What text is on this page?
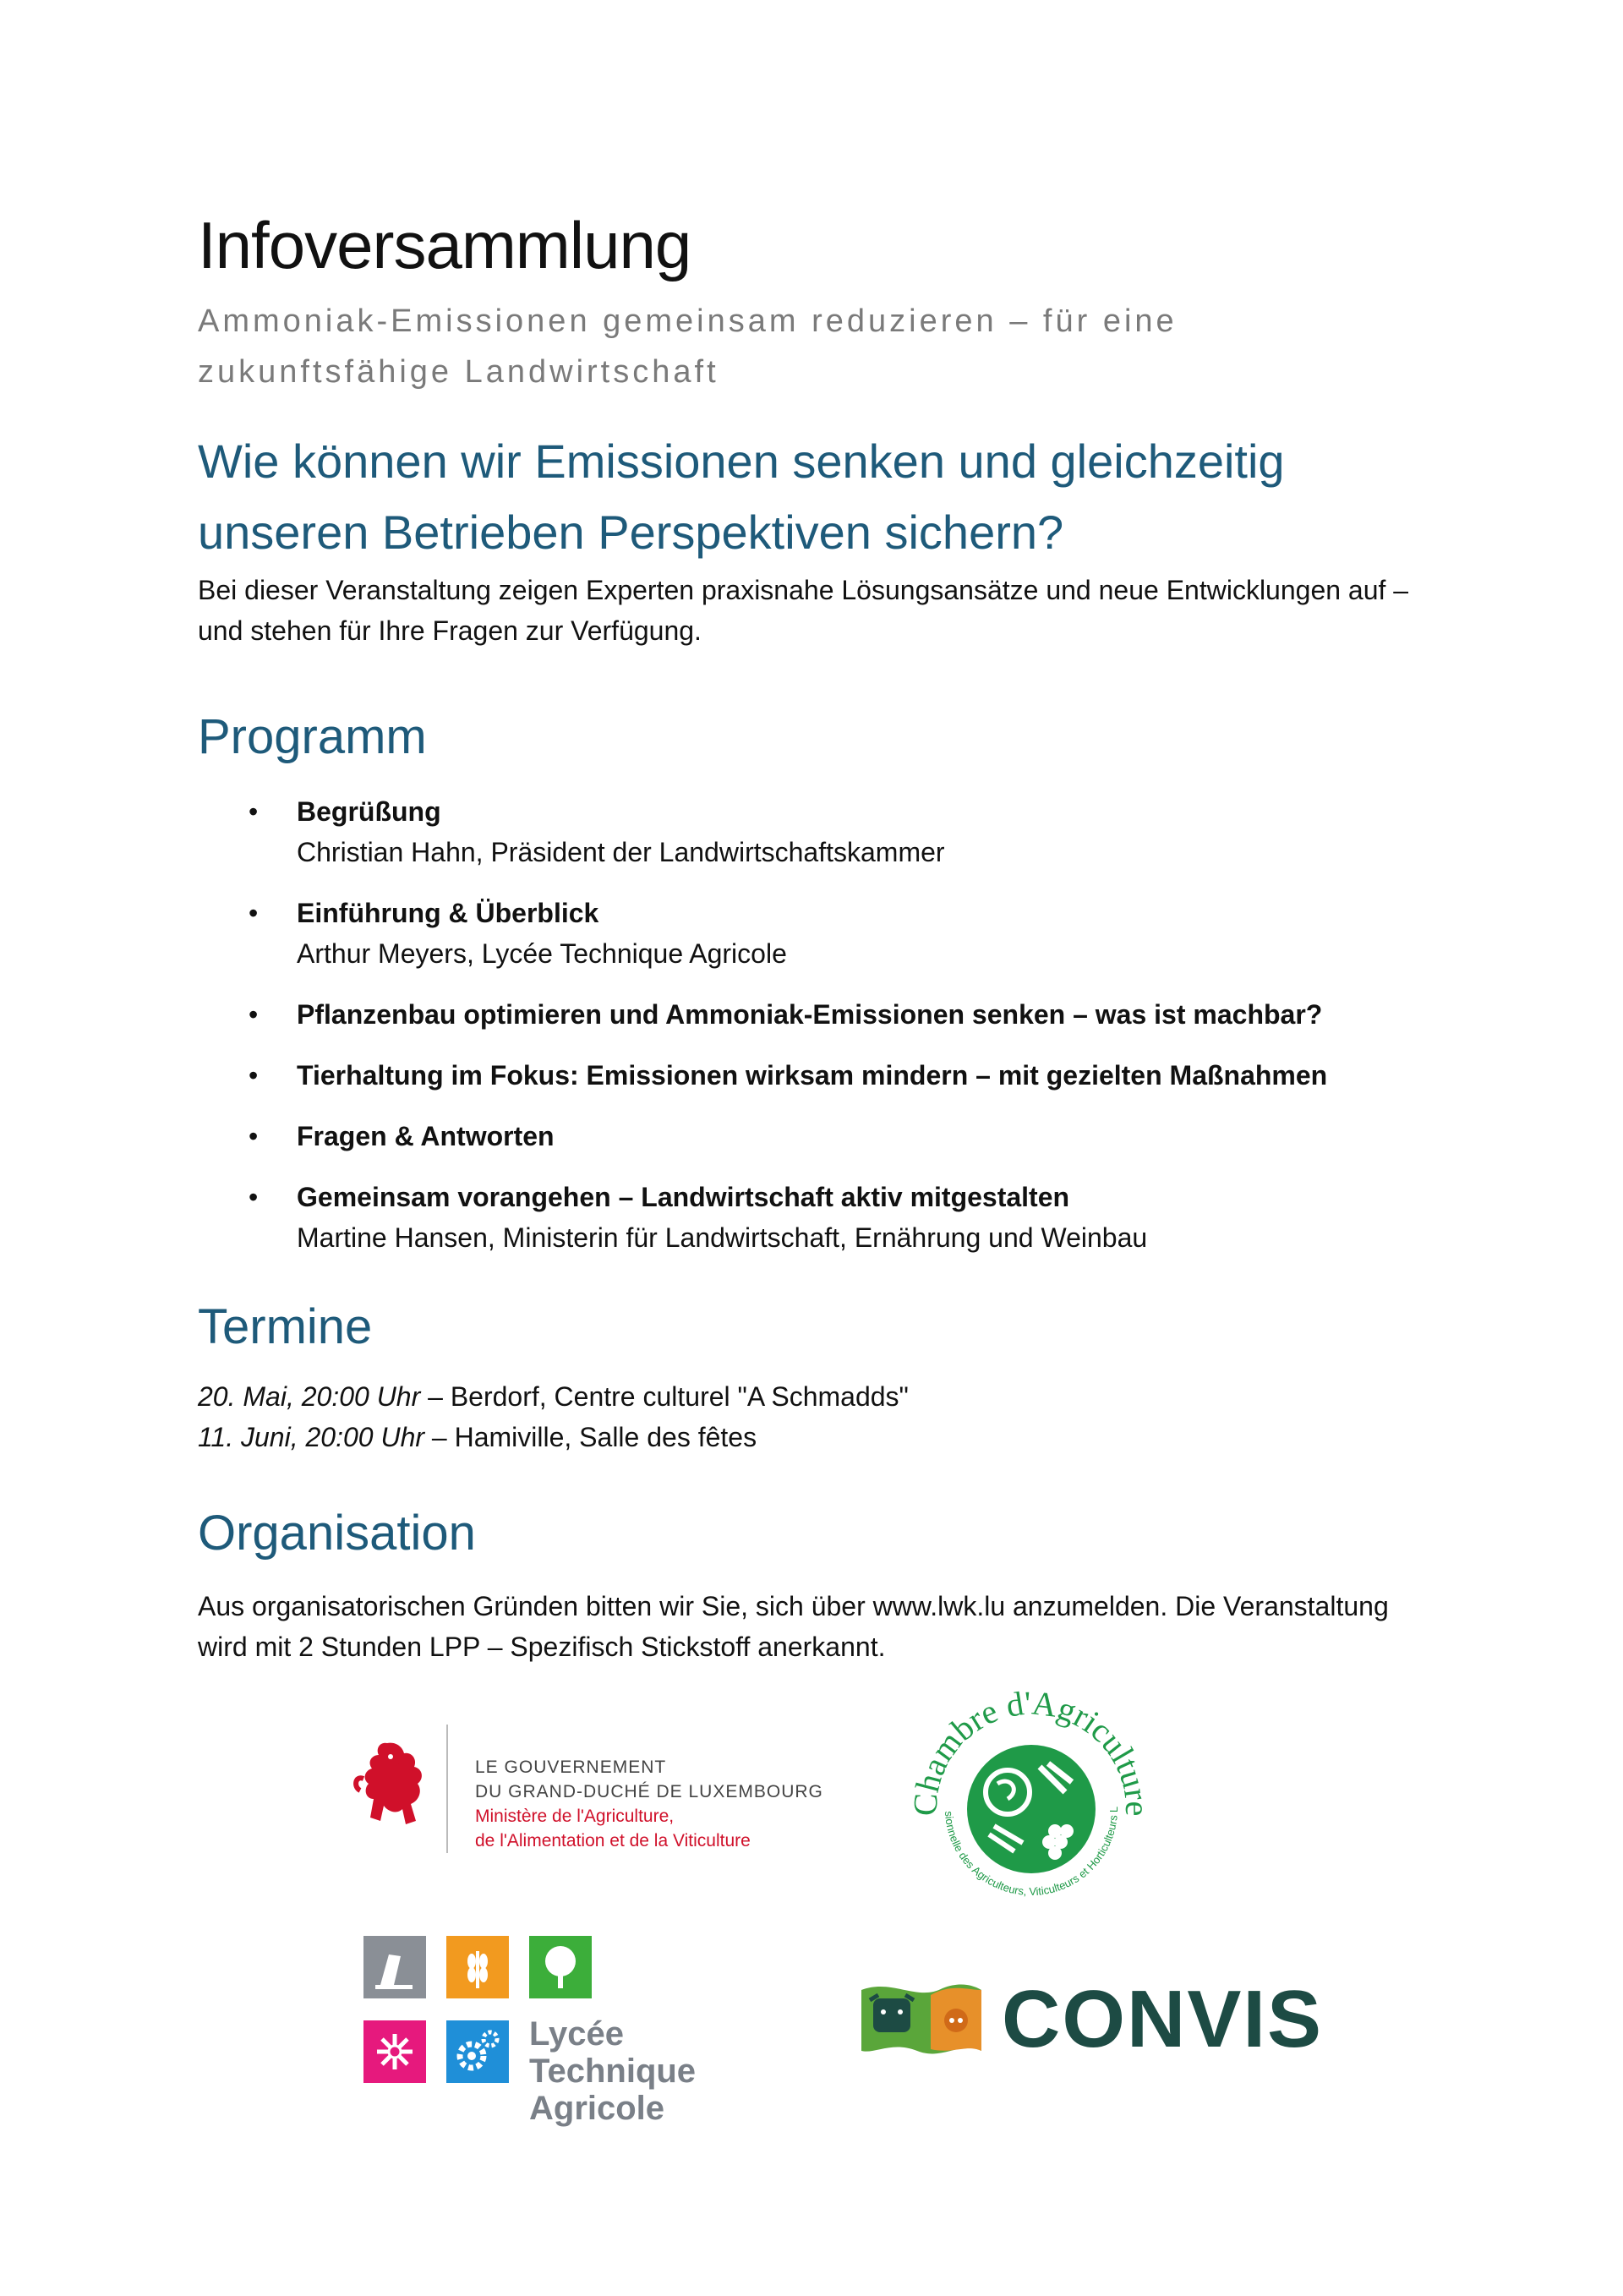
Infoversammlung

Ammoniak-Emissionen gemeinsam reduzieren – für eine zukunftsfähige Landwirtschaft

Wie können wir Emissionen senken und gleichzeitig unseren Betrieben Perspektiven sichern?

Bei dieser Veranstaltung zeigen Experten praxisnahe Lösungsansätze und neue Entwicklungen auf – und stehen für Ihre Fragen zur Verfügung.

Programm
• Begrüßung
Christian Hahn, Präsident der Landwirtschaftskammer
• Einführung & Überblick
Arthur Meyers, Lycée Technique Agricole
• Pflanzenbau optimieren und Ammoniak-Emissionen senken – was ist machbar?
• Tierhaltung im Fokus: Emissionen wirksam mindern – mit gezielten Maßnahmen
• Fragen & Antworten
• Gemeinsam vorangehen – Landwirtschaft aktiv mitgestalten
Martine Hansen, Ministerin für Landwirtschaft, Ernährung und Weinbau
Termine
20. Mai, 20:00 Uhr – Berdorf, Centre culturel "A Schmadds"
11. Juni, 20:00 Uhr – Hamiville, Salle des fêtes
Organisation

Aus organisatorischen Gründen bitten wir Sie, sich über www.lwk.lu anzumelden. Die Veranstaltung wird mit 2 Stunden LPP – Spezifisch Stickstoff anerkannt.

LE GOUVERNEMENT
DU GRAND-DUCHÉ DE LUXEMBOURG
Ministère de l'Agriculture,
de l'Alimentation et de la Viticulture
ambre d'Agricultu
sionnelle des Agriculteurs, Viticulteurs et Horticulteurs L
Lycée Technique
Agricole
CONVIS
